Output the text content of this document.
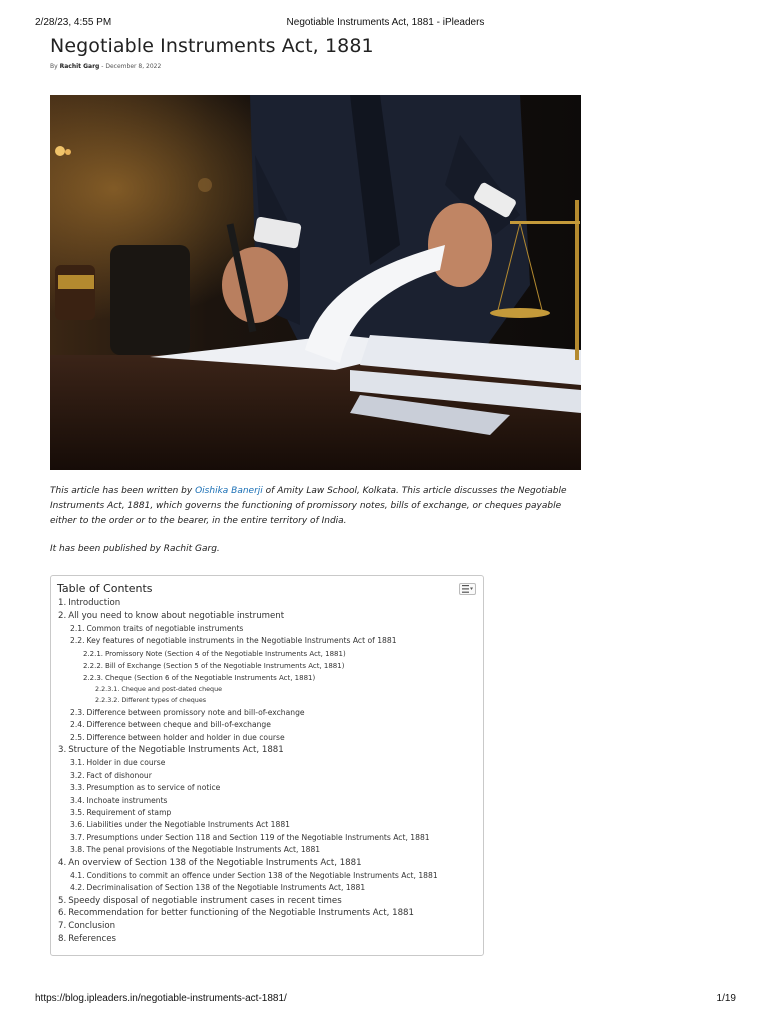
2/28/23, 4:55 PM	Negotiable Instruments Act, 1881 - iPleaders
Negotiable Instruments Act, 1881
By Rachit Garg - December 8, 2022
This article has been written by Oishika Banerji of Amity Law School, Kolkata. This article discusses the Negotiable Instruments Act, 1881, which governs the functioning of promissory notes, bills of exchange, or cheques payable either to the order or to the bearer, in the entire territory of India.
It has been published by Rachit Garg.
Table of Contents
1. Introduction
2. All you need to know about negotiable instrument
2.1. Common traits of negotiable instruments
2.2. Key features of negotiable instruments in the Negotiable Instruments Act of 1881
2.2.1. Promissory Note (Section 4 of the Negotiable Instruments Act, 1881)
2.2.2. Bill of Exchange (Section 5 of the Negotiable Instruments Act, 1881)
2.2.3. Cheque (Section 6 of the Negotiable Instruments Act, 1881)
2.2.3.1. Cheque and post-dated cheque
2.2.3.2. Different types of cheques
2.3. Difference between promissory note and bill-of-exchange
2.4. Difference between cheque and bill-of-exchange
2.5. Difference between holder and holder in due course
3. Structure of the Negotiable Instruments Act, 1881
3.1. Holder in due course
3.2. Fact of dishonour
3.3. Presumption as to service of notice
3.4. Inchoate instruments
3.5. Requirement of stamp
3.6. Liabilities under the Negotiable Instruments Act 1881
3.7. Presumptions under Section 118 and Section 119 of the Negotiable Instruments Act, 1881
3.8. The penal provisions of the Negotiable Instruments Act, 1881
4. An overview of Section 138 of the Negotiable Instruments Act, 1881
4.1. Conditions to commit an offence under Section 138 of the Negotiable Instruments Act, 1881
4.2. Decriminalisation of Section 138 of the Negotiable Instruments Act, 1881
5. Speedy disposal of negotiable instrument cases in recent times
6. Recommendation for better functioning of the Negotiable Instruments Act, 1881
7. Conclusion
8. References
https://blog.ipleaders.in/negotiable-instruments-act-1881/	1/19
